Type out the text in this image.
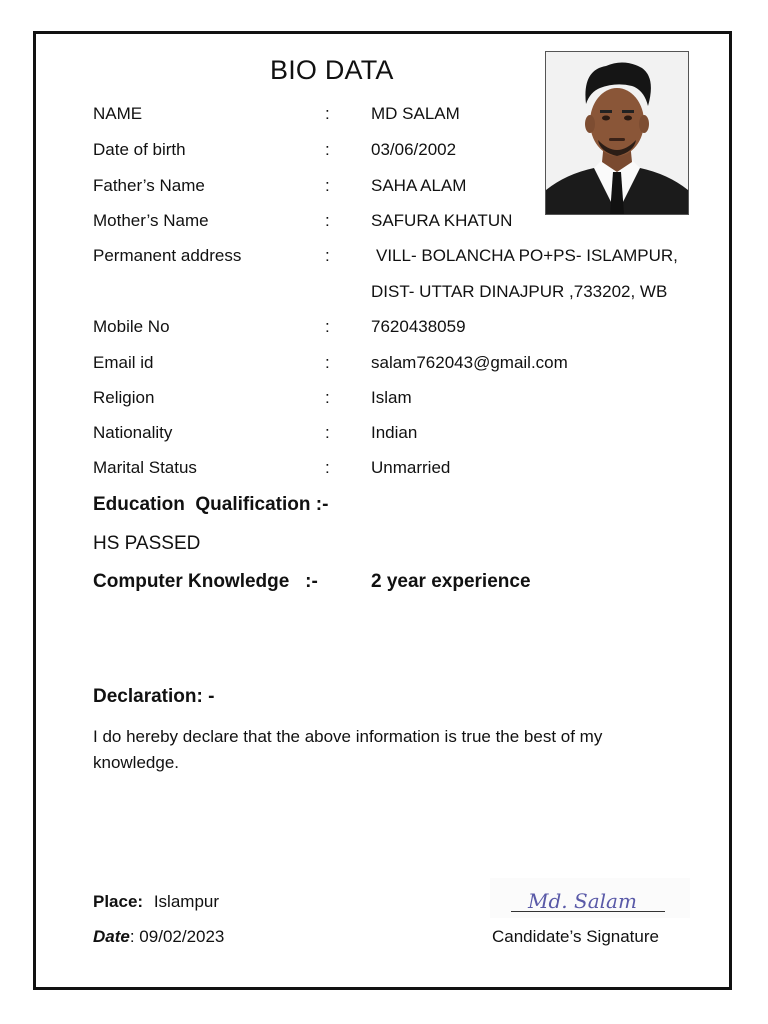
BIO DATA
NAME	: MD SALAM
Date of birth	: 03/06/2002
Father’s Name	: SAHA ALAM
Mother’s Name	: SAFURA KHATUN
Permanent address	:	VILL- BOLANCHA PO+PS- ISLAMPUR,
DIST- UTTAR DINAJPUR ,733202, WB
Mobile No	: 7620438059
Email id	: salam762043@gmail.com
Religion	: Islam
Nationality	: Indian
Marital Status	: Unmarried
Education  Qualification :-
HS PASSED
Computer Knowledge   :-	2 year experience
Declaration: -
I do hereby declare that the above information is true the best of my knowledge.
Place: Islampur
Date: 09/02/2023
Md. Salam
Candidate’s Signature
